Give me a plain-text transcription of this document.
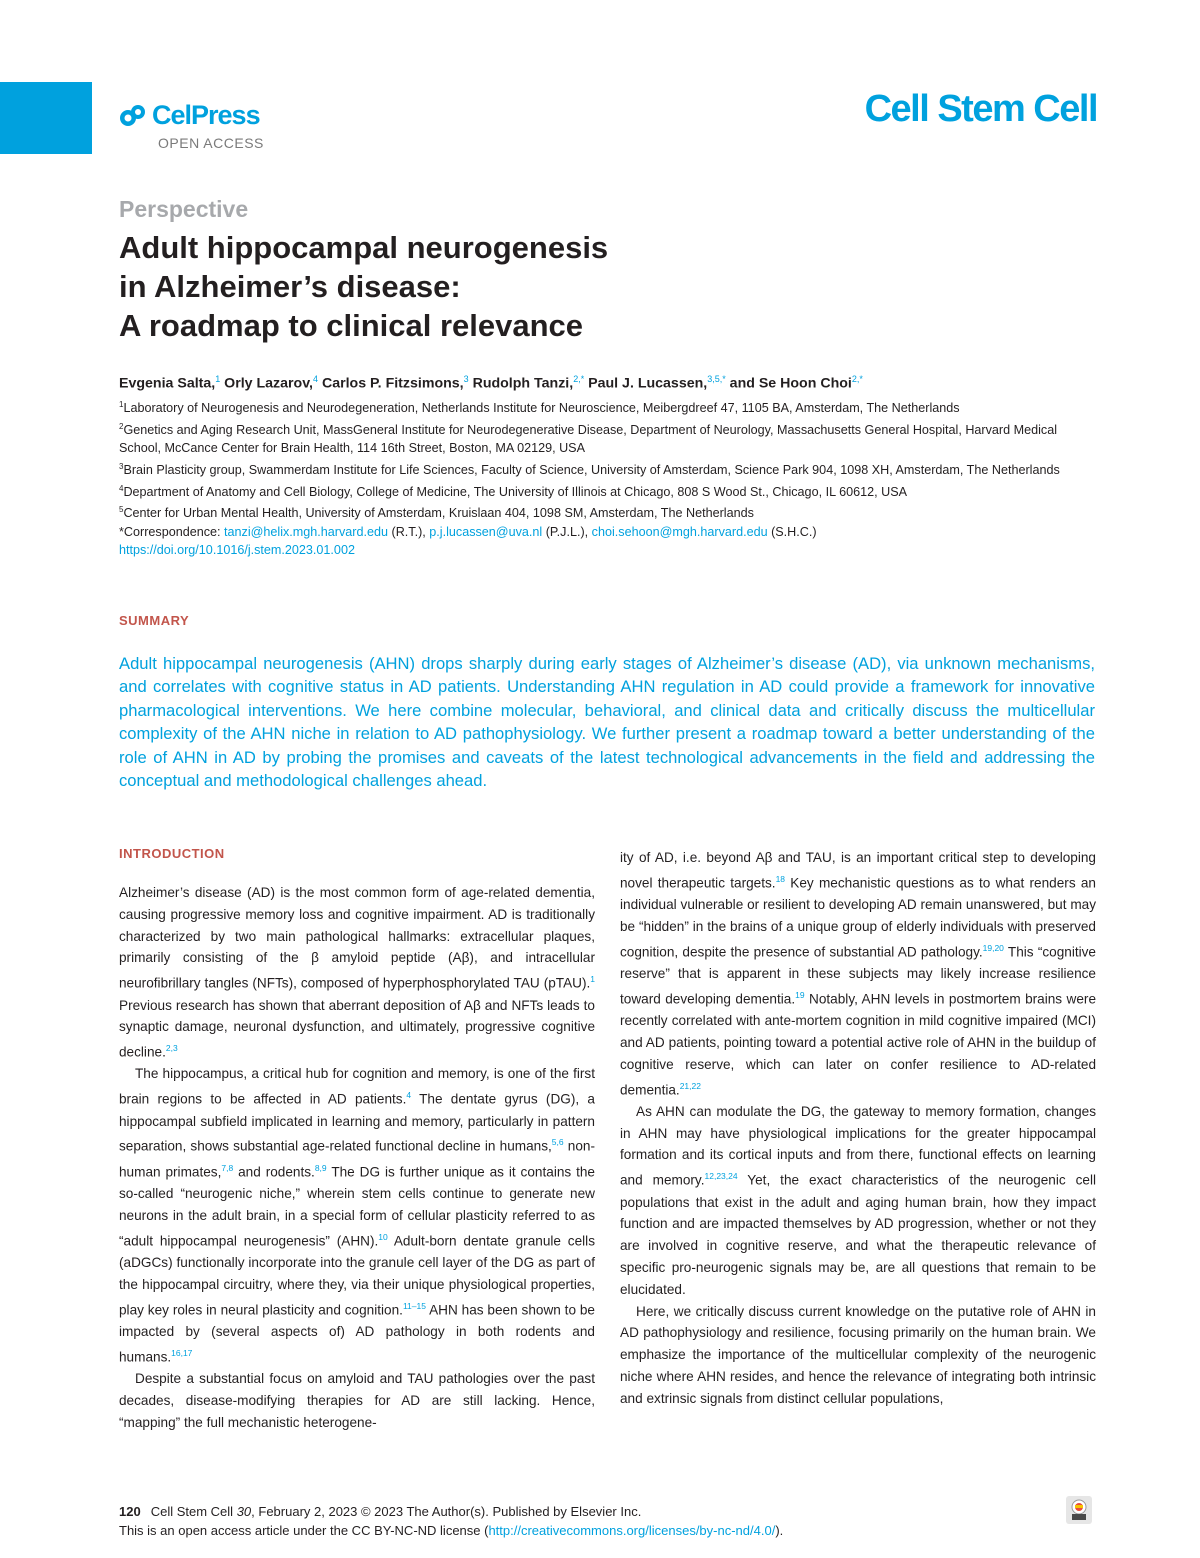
CelPress
OPEN ACCESS
Cell Stem Cell
Perspective
Adult hippocampal neurogenesis
in Alzheimer’s disease:
A roadmap to clinical relevance
Evgenia Salta,$^1$ Orly Lazarov,$^4$ Carlos P. Fitzsimons,$^3$ Rudolph Tanzi,$^{2,*}$ Paul J. Lucassen,$^{3,5,*}$ and Se Hoon Choi$^{2,*}$

$^1$Laboratory of Neurogenesis and Neurodegeneration, Netherlands Institute for Neuroscience, Meibergdreef 47, 1105 BA, Amsterdam, The Netherlands

$^2$Genetics and Aging Research Unit, MassGeneral Institute for Neurodegenerative Disease, Department of Neurology, Massachusetts General Hospital, Harvard Medical School, McCance Center for Brain Health, 114 16th Street, Boston, MA 02129, USA

$^3$Brain Plasticity group, Swammerdam Institute for Life Sciences, Faculty of Science, University of Amsterdam, Science Park 904, 1098 XH, Amsterdam, The Netherlands

$^4$Department of Anatomy and Cell Biology, College of Medicine, The University of Illinois at Chicago, 808 S Wood St., Chicago, IL 60612, USA

$^5$Center for Urban Mental Health, University of Amsterdam, Kruislaan 404, 1098 SM, Amsterdam, The Netherlands

*Correspondence: tanzi@helix.mgh.harvard.edu (R.T.), p.j.lucassen@uva.nl (P.J.L.), choi.sehoon@mgh.harvard.edu (S.H.C.)

https://doi.org/10.1016/j.stem.2023.01.002

SUMMARY
Adult hippocampal neurogenesis (AHN) drops sharply during early stages of Alzheimer’s disease (AD), via unknown mechanisms, and correlates with cognitive status in AD patients. Understanding AHN regulation in AD could provide a framework for innovative pharmacological interventions. We here combine molecular, behavioral, and clinical data and critically discuss the multicellular complexity of the AHN niche in relation to AD pathophysiology. We further present a roadmap toward a better understanding of the role of AHN in AD by probing the promises and caveats of the latest technological advancements in the field and addressing the conceptual and methodological challenges ahead.
INTRODUCTION

Alzheimer’s disease (AD) is the most common form of age-related dementia, causing progressive memory loss and cognitive impairment. AD is traditionally characterized by two main pathological hallmarks: extracellular plaques, primarily consisting of the β amyloid peptide (Aβ), and intracellular neurofibrillary tangles (NFTs), composed of hyperphosphorylated TAU (pTAU).$^1$ Previous research has shown that aberrant deposition of Aβ and NFTs leads to synaptic damage, neuronal dysfunction, and ultimately, progressive cognitive decline.$^{2,3}$

The hippocampus, a critical hub for cognition and memory, is one of the first brain regions to be affected in AD patients.$^4$ The dentate gyrus (DG), a hippocampal subfield implicated in learning and memory, particularly in pattern separation, shows substantial age-related functional decline in humans,$^{5,6}$ non-human primates,$^{7,8}$ and rodents.$^{8,9}$ The DG is further unique as it contains the so-called “neurogenic niche,” wherein stem cells continue to generate new neurons in the adult brain, in a special form of cellular plasticity referred to as “adult hippocampal neurogenesis” (AHN).$^{10}$ Adult-born dentate granule cells (aDGCs) functionally incorporate into the granule cell layer of the DG as part of the hippocampal circuitry, where they, via their unique physiological properties, play key roles in neural plasticity and cognition.$^{11-15}$ AHN has been shown to be impacted by (several aspects of) AD pathology in both rodents and humans.$^{16,17}$

Despite a substantial focus on amyloid and TAU pathologies over the past decades, disease-modifying therapies for AD are still lacking. Hence, “mapping” the full mechanistic heterogene-

ity of AD, i.e. beyond Aβ and TAU, is an important critical step to developing novel therapeutic targets.$^{18}$ Key mechanistic questions as to what renders an individual vulnerable or resilient to developing AD remain unanswered, but may be “hidden” in the brains of a unique group of elderly individuals with preserved cognition, despite the presence of substantial AD pathology.$^{19,20}$ This “cognitive reserve” that is apparent in these subjects may likely increase resilience toward developing dementia.$^{19}$ Notably, AHN levels in postmortem brains were recently correlated with ante-mortem cognition in mild cognitive impaired (MCI) and AD patients, pointing toward a potential active role of AHN in the buildup of cognitive reserve, which can later on confer resilience to AD-related dementia.$^{21,22}$

As AHN can modulate the DG, the gateway to memory formation, changes in AHN may have physiological implications for the greater hippocampal formation and its cortical inputs and from there, functional effects on learning and memory.$^{12,23,24}$ Yet, the exact characteristics of the neurogenic cell populations that exist in the adult and aging human brain, how they impact function and are impacted themselves by AD progression, whether or not they are involved in cognitive reserve, and what the therapeutic relevance of specific pro-neurogenic signals may be, are all questions that remain to be elucidated.

Here, we critically discuss current knowledge on the putative role of AHN in AD pathophysiology and resilience, focusing primarily on the human brain. We emphasize the importance of the multicellular complexity of the neurogenic niche where AHN resides, and hence the relevance of integrating both intrinsic and extrinsic signals from distinct cellular populations,

120 Cell Stem Cell 30, February 2, 2023 © 2023 The Author(s). Published by Elsevier Inc.
This is an open access article under the CC BY-NC-ND license (http://creativecommons.org/licenses/by-nc-nd/4.0/).
